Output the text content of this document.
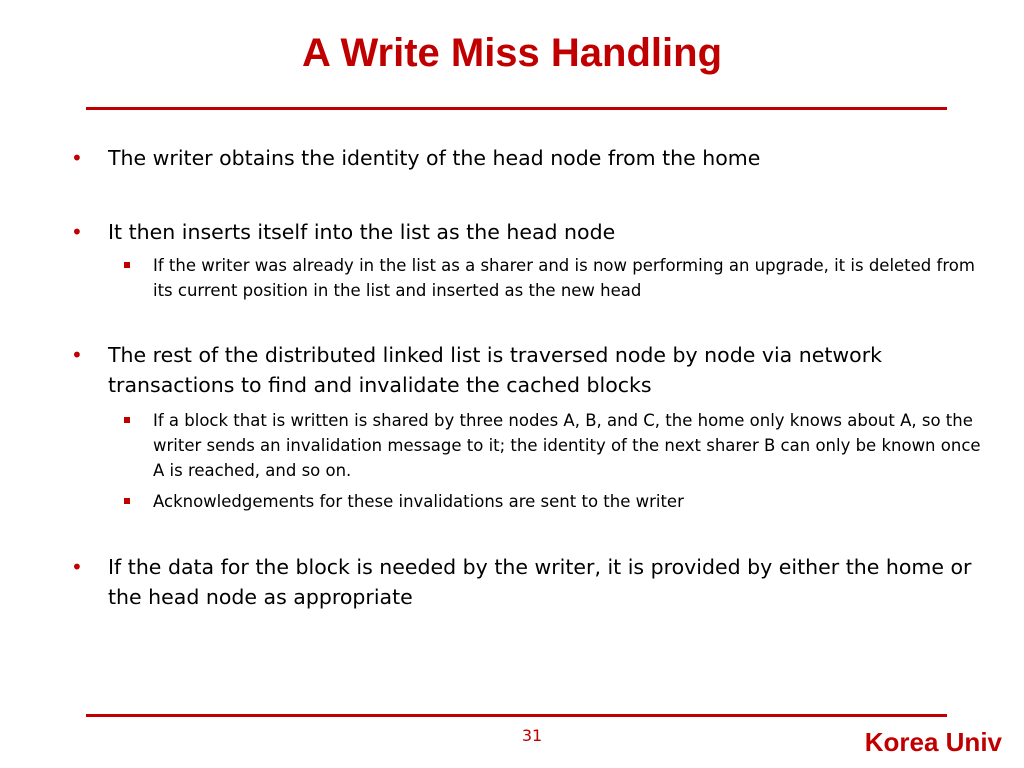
A Write Miss Handling
• The writer obtains the identity of the head node from the home
• It then inserts itself into the list as the head node
If the writer was already in the list as a sharer and is now performing an upgrade, it is deleted from its current position in the list and inserted as the new head
• The rest of the distributed linked list is traversed node by node via network transactions to find and invalidate the cached blocks
If a block that is written is shared by three nodes A, B, and C, the home only knows about A, so the writer sends an invalidation message to it; the identity of the next sharer B can only be known once A is reached, and so on.
Acknowledgements for these invalidations are sent to the writer
• If the data for the block is needed by the writer, it is provided by either the home or the head node as appropriate
31	Korea Univ
